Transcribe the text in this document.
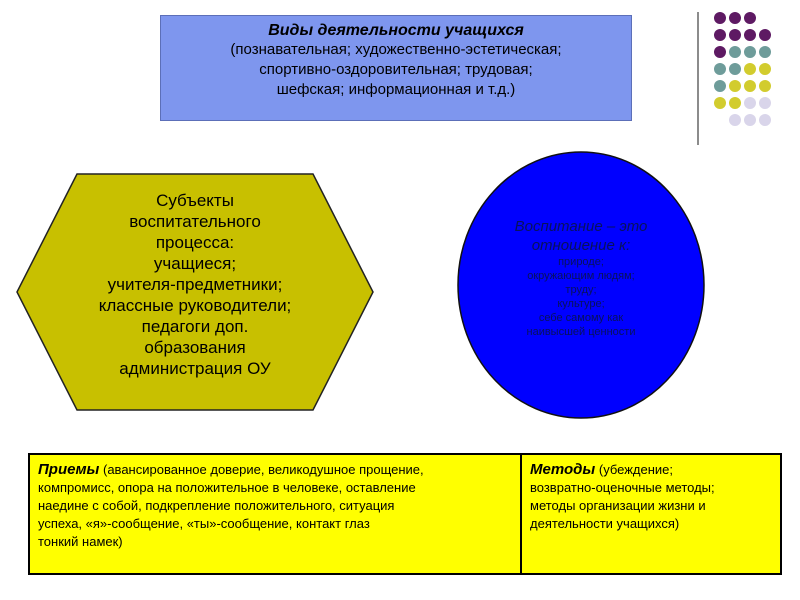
Виды деятельности учащихся
(познавательная; художественно-эстетическая;
спортивно-оздоровительная; трудовая;
шефская; информационная и т.д.)
Субъекты
воспитательного
процесса:
учащиеся;
учителя-предметники;
классные руководители;
педагоги доп.
образования
администрация ОУ
Воспитание – это
отношение к:
природе;
окружающим людям;
труду;
культуре;
себе самому как
наивысшей ценности
Приемы (авансированное доверие, великодушное прощение,
компромисс, опора на положительное в человеке, оставление
наедине с собой, подкрепление положительного, ситуация
успеха, «я»-сообщение, «ты»-сообщение, контакт глаз
тонкий намек)
Методы (убеждение;
возвратно-оценочные методы;
методы организации жизни и
деятельности учащихся)
